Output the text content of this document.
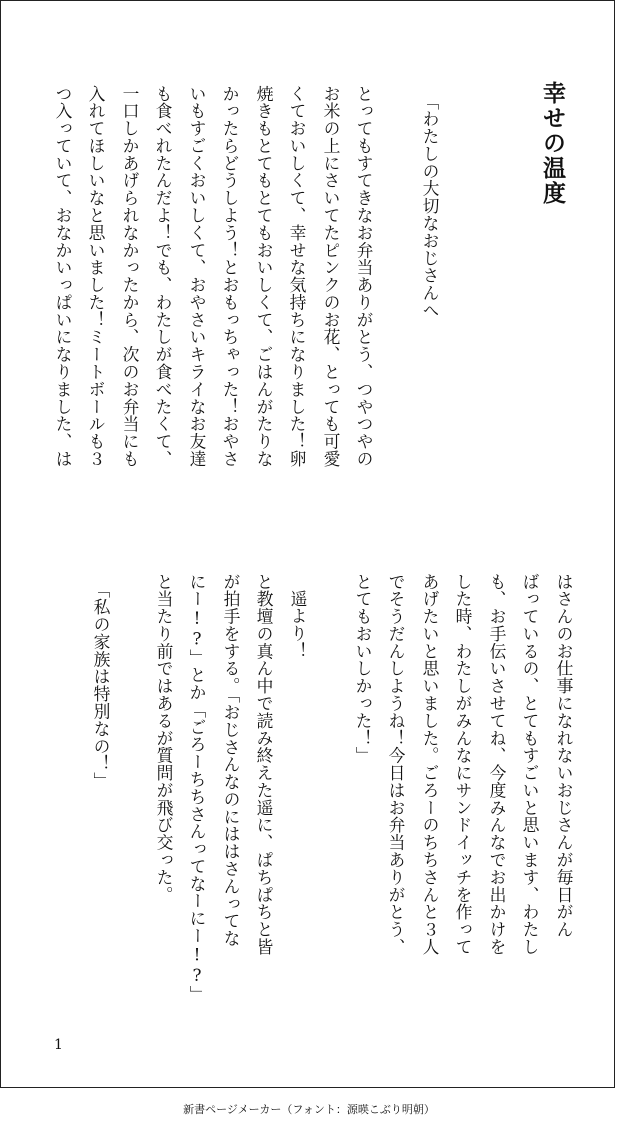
幸せの温度
「わたしの大切なおじさんへ
とってもすてきなお弁当ありがとう、つやつやの
お米の上にさいてたピンクのお花、とっても可愛
くておいしくて、幸せな気持ちになりました！卵
焼きもとてもとてもおいしくて、ごはんがたりな
かったらどうしよう！とおもっちゃった！おやさ
いもすごくおいしくて、おやさいキライなお友達
も食べれたんだよ！でも、わたしが食べたくて、
一口しかあげられなかったから、次のお弁当にも
入れてほしいなと思いました！ミートボールも３
つ入っていて、おなかいっぱいになりました、は
はさんのお仕事になれないおじさんが毎日がん
ばっているの、とてもすごいと思います、わたし
も、お手伝いさせてね、今度みんなでお出かけを
した時、わたしがみんなにサンドイッチを作って
あげたいと思いました。ごろーのちちさんと３人
でそうだんしようね！今日はお弁当ありがとう、
とてもおいしかった！」
遥より！
と教壇の真ん中で読み終えた遥に、ぱちぱちと皆
が拍手をする。「おじさんなのにははさんってな
にー!?」とか「ごろーちちさんってなーにー!?」
と当たり前ではあるが質問が飛び交った。
「私の家族は特別なの！」
1
新書ページメーカー（フォント：源暎こぶり明朝）
